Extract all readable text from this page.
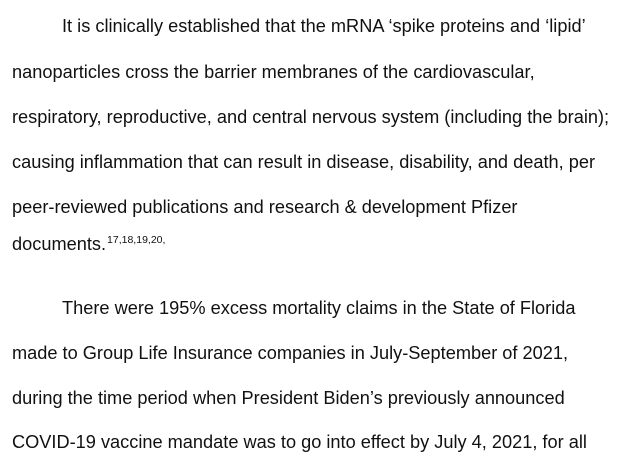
It is clinically established that the mRNA ‘spike proteins and ‘lipid’
nanoparticles cross the barrier membranes of the cardiovascular,
respiratory, reproductive, and central nervous system (including the brain);
causing inflammation that can result in disease, disability, and death, per
peer-reviewed publications and research & development Pfizer
documents.$^{17,18,19,20,}$
There were 195% excess mortality claims in the State of Florida
made to Group Life Insurance companies in July-September of 2021,
during the time period when President Biden’s previously announced
COVID-19 vaccine mandate was to go into effect by July 4, 2021, for all
